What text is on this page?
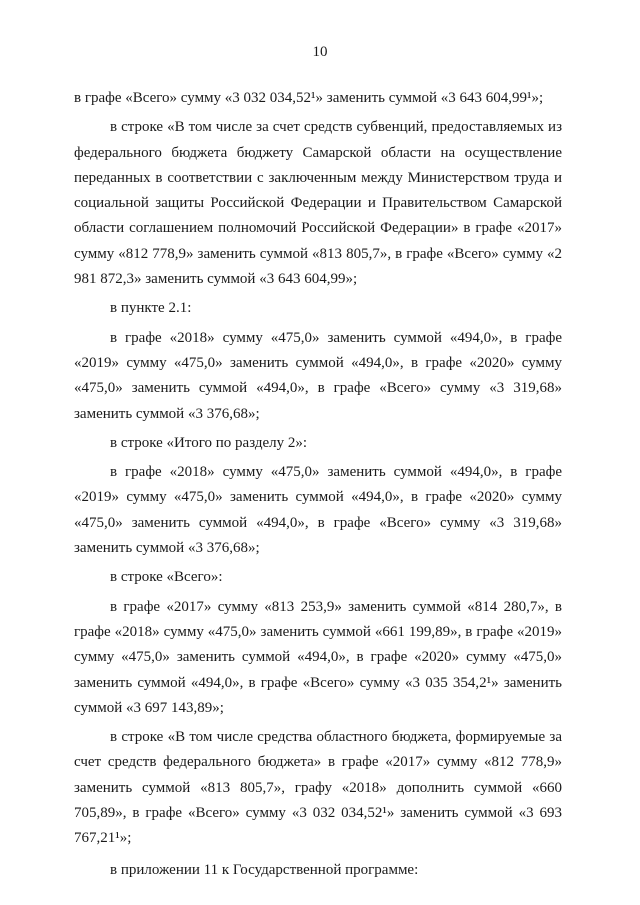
10

в графе «Всего» сумму «3 032 034,52¹» заменить суммой «3 643 604,99¹»;

в строке «В том числе за счет средств субвенций, предоставляемых из федерального бюджета бюджету Самарской области на осуществление переданных в соответствии с заключенным между Министерством труда и социальной защиты Российской Федерации и Правительством Самарской области соглашением полномочий Российской Федерации» в графе «2017» сумму «812 778,9» заменить суммой «813 805,7», в графе «Всего» сумму «2 981 872,3» заменить суммой «3 643 604,99»;

в пункте 2.1:

в графе «2018» сумму «475,0» заменить суммой «494,0», в графе «2019» сумму «475,0» заменить суммой «494,0», в графе «2020» сумму «475,0» заменить суммой «494,0», в графе «Всего» сумму «3 319,68» заменить суммой «3 376,68»;

в строке «Итого по разделу 2»:

в графе «2018» сумму «475,0» заменить суммой «494,0», в графе «2019» сумму «475,0» заменить суммой «494,0», в графе «2020» сумму «475,0» заменить суммой «494,0», в графе «Всего» сумму «3 319,68» заменить суммой «3 376,68»;

в строке «Всего»:

в графе «2017» сумму «813 253,9» заменить суммой «814 280,7», в графе «2018» сумму «475,0» заменить суммой «661 199,89», в графе «2019» сумму «475,0» заменить суммой «494,0», в графе «2020» сумму «475,0» заменить суммой «494,0», в графе «Всего» сумму «3 035 354,2¹» заменить суммой «3 697 143,89»;

в строке «В том числе средства областного бюджета, формируемые за счет средств федерального бюджета» в графе «2017» сумму «812 778,9» заменить суммой «813 805,7», графу «2018» дополнить суммой «660 705,89», в графе «Всего» сумму «3 032 034,52¹» заменить суммой «3 693 767,21¹»;

в приложении 11 к Государственной программе:
